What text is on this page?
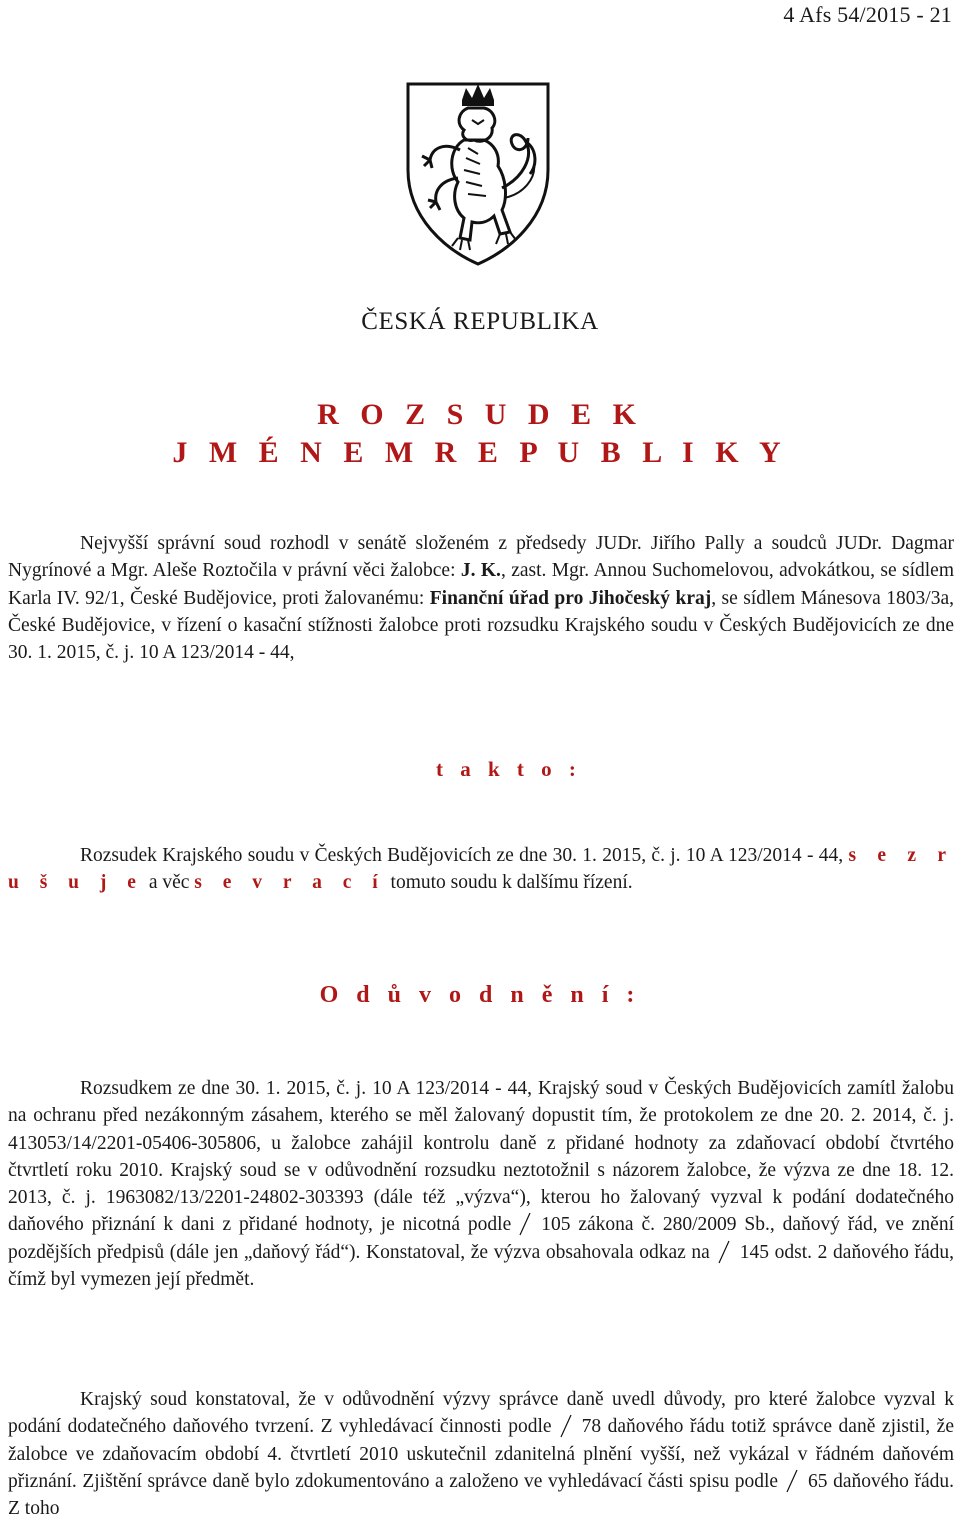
4 Afs 54/2015 - 21
ČESKÁ REPUBLIKA
R O Z S U D E K
J M É N E M R E P U B L I K Y
Nejvyšší správní soud rozhodl v senátě složeném z předsedy JUDr. Jiřího Pally a soudců JUDr. Dagmar Nygrínové a Mgr. Aleše Roztočila v právní věci žalobce: J. K., zast. Mgr. Annou Suchomelovou, advokátkou, se sídlem Karla IV. 92/1, České Budějovice, proti žalovanému: Finanční úřad pro Jihočeský kraj, se sídlem Mánesova 1803/3a, České Budějovice, v řízení o kasační stížnosti žalobce proti rozsudku Krajského soudu v Českých Budějovicích ze dne 30. 1. 2015, č. j. 10 A 123/2014 - 44,
t a k t o :
Rozsudek Krajského soudu v Českých Budějovicích ze dne 30. 1. 2015, č. j. 10 A 123/2014 - 44, s e z r u š u j e a věc s e v r a c í tomuto soudu k dalšímu řízení.
O d ů v o d n ě n í :
Rozsudkem ze dne 30. 1. 2015, č. j. 10 A 123/2014 - 44, Krajský soud v Českých Budějovicích zamítl žalobu na ochranu před nezákonným zásahem, kterého se měl žalovaný dopustit tím, že protokolem ze dne 20. 2. 2014, č. j. 413053/14/2201-05406-305806, u žalobce zahájil kontrolu daně z přidané hodnoty za zdaňovací období čtvrtého čtvrtletí roku 2010. Krajský soud se v odůvodnění rozsudku neztotožnil s názorem žalobce, že výzva ze dne 18. 12. 2013, č. j. 1963082/13/2201-24802-303393 (dále též „výzva“), kterou ho žalovaný vyzval k podání dodatečného daňového přiznání k dani z přidané hodnoty, je nicotná podle 105 zákona č. 280/2009 Sb., daňový řád, ve znění pozdějších předpisů (dále jen „daňový řád“). Konstatoval, že výzva obsahovala odkaz na 145 odst. 2 daňového řádu, čímž byl vymezen její předmět.
Krajský soud konstatoval, že v odůvodnění výzvy správce daně uvedl důvody, pro které žalobce vyzval k podání dodatečného daňového tvrzení. Z vyhledávací činnosti podle 78 daňového řádu totiž správce daně zjistil, že žalobce ve zdaňovacím období 4. čtvrtletí 2010 uskutečnil zdanitelná plnění vyšší, než vykázal v řádném daňovém přiznání. Zjištění správce daně bylo zdokumentováno a založeno ve vyhledávací části spisu podle 65 daňového řádu. Z toho
